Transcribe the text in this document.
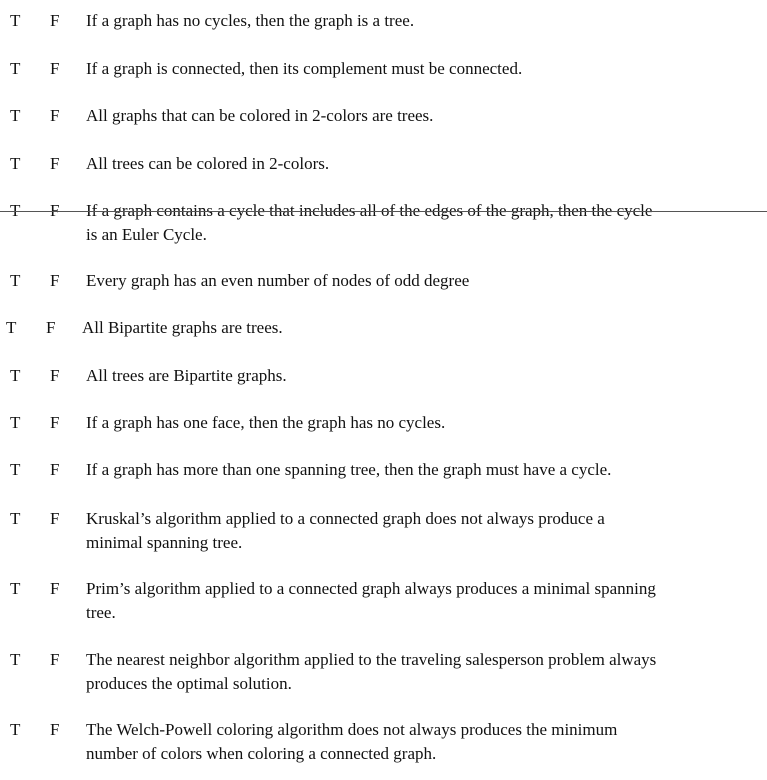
T F If a graph has no cycles, then the graph is a tree.
T F If a graph is connected, then its complement must be connected.
T F All graphs that can be colored in 2-colors are trees.
T F All trees can be colored in 2-colors.
T F If a graph contains a cycle that includes all of the edges of the graph, then the cycle
is an Euler Cycle.
T F Every graph has an even number of nodes of odd degree
T F All Bipartite graphs are trees.
T F All trees are Bipartite graphs.
T F If a graph has one face, then the graph has no cycles.
T F If a graph has more than one spanning tree, then the graph must have a cycle.
T F Kruskal’s algorithm applied to a connected graph does not always produce a
minimal spanning tree.
T F Prim’s algorithm applied to a connected graph always produces a minimal spanning
tree.
T F The nearest neighbor algorithm applied to the traveling salesperson problem always
produces the optimal solution.
T F The Welch-Powell coloring algorithm does not always produces the minimum
number of colors when coloring a connected graph.
